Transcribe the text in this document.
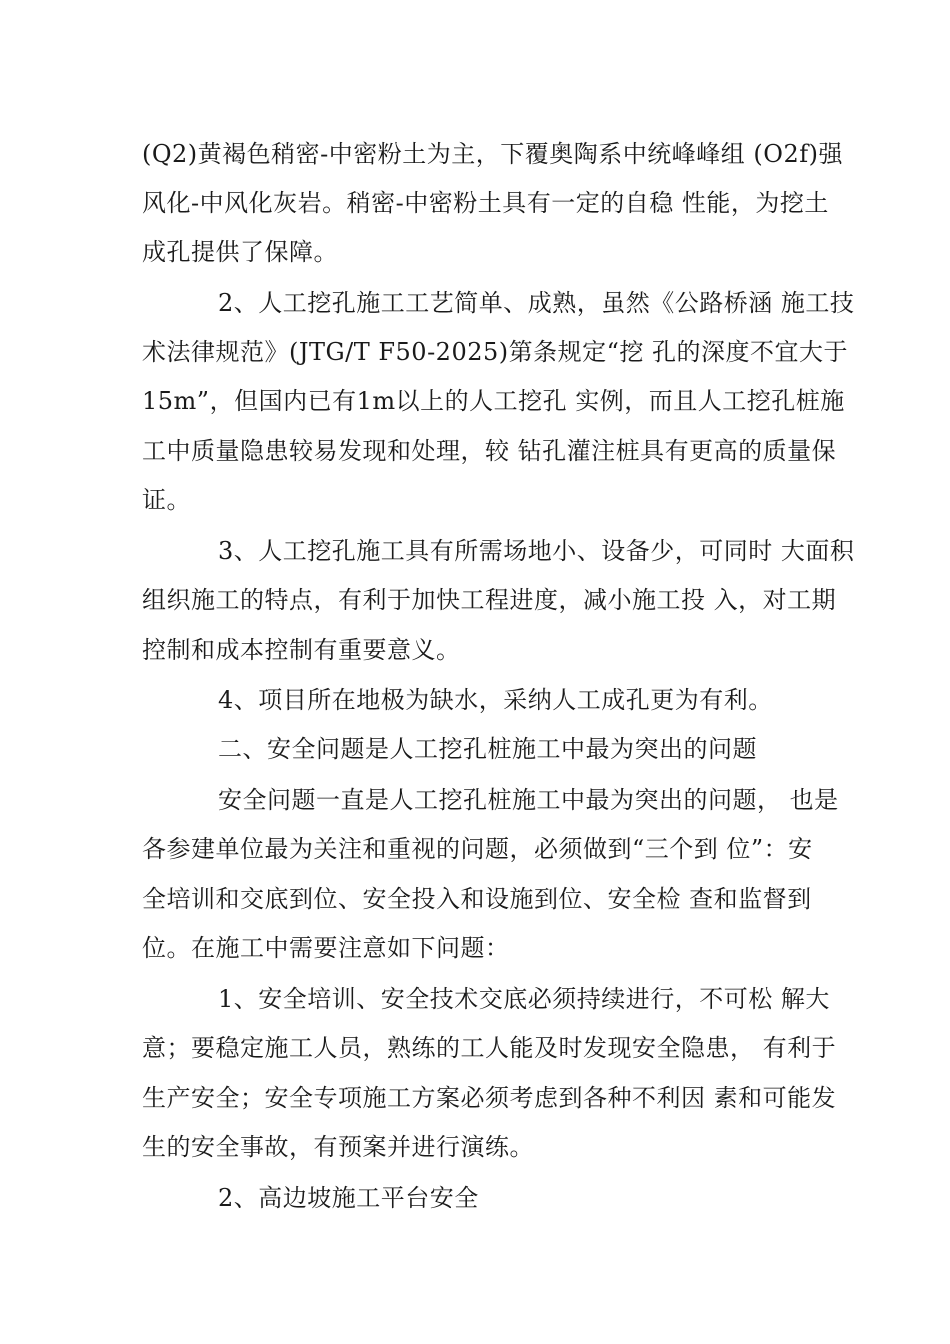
(Q2)黄褐色稍密-中密粉土为主，下覆奥陶系中统峰峰组 (O2f)强
风化-中风化灰岩。稍密-中密粉土具有一定的自稳 性能，为挖土
成孔提供了保障。
2、人工挖孔施工工艺简单、成熟，虽然《公路桥涵 施工技
术法律规范》(JTG/T F50-2025)第条规定“挖 孔的深度不宜大于
15m”，但国内已有1m以上的人工挖孔 实例，而且人工挖孔桩施
工中质量隐患较易发现和处理，较 钻孔灌注桩具有更高的质量保
证。
3、人工挖孔施工具有所需场地小、设备少，可同时 大面积
组织施工的特点，有利于加快工程进度，减小施工投 入，对工期
控制和成本控制有重要意义。
4、项目所在地极为缺水，采纳人工成孔更为有利。
二、安全问题是人工挖孔桩施工中最为突出的问题
安全问题一直是人工挖孔桩施工中最为突出的问题， 也是
各参建单位最为关注和重视的问题，必须做到“三个到 位”：安
全培训和交底到位、安全投入和设施到位、安全检 查和监督到
位。在施工中需要注意如下问题：
1、安全培训、安全技术交底必须持续进行，不可松 解大
意；要稳定施工人员，熟练的工人能及时发现安全隐患， 有利于
生产安全；安全专项施工方案必须考虑到各种不利因 素和可能发
生的安全事故，有预案并进行演练。
2、高边坡施工平台安全
